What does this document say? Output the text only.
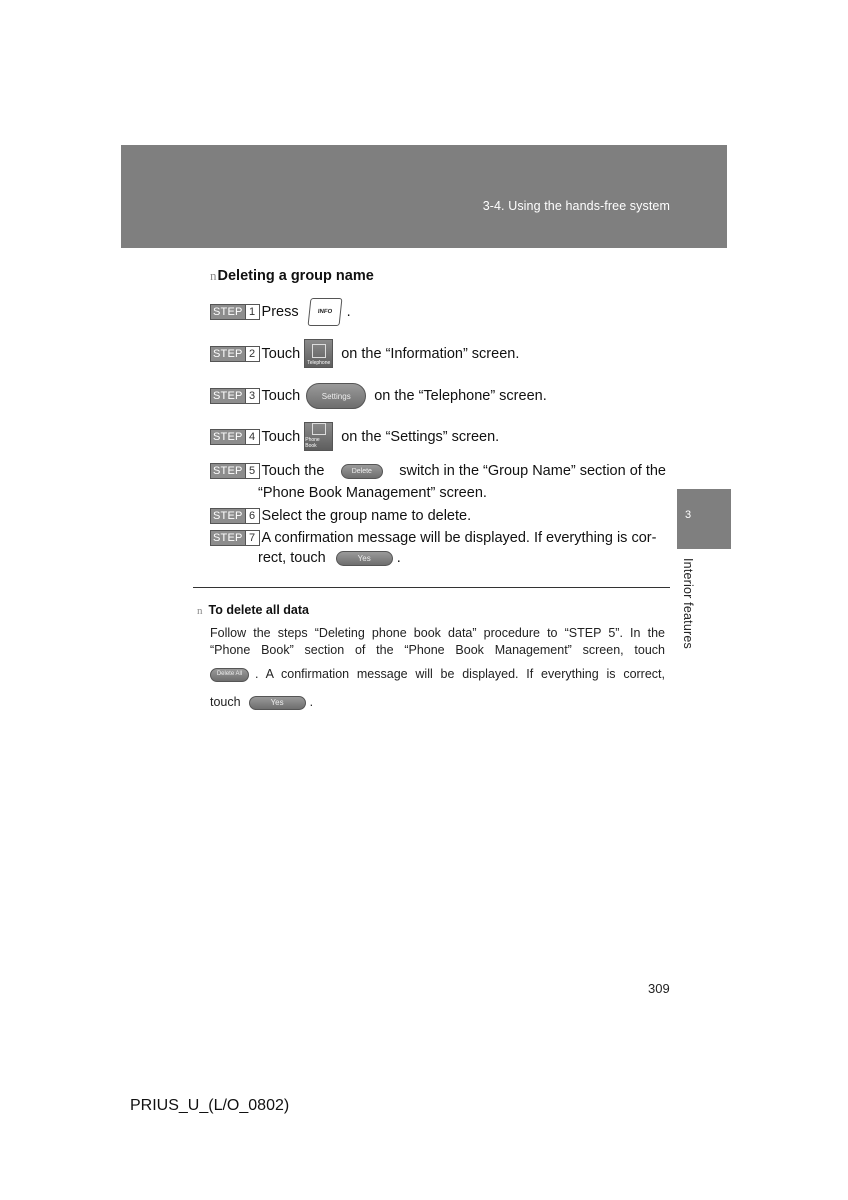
3-4. Using the hands-free system
3
Interior features
nDeleting a group name
STEP 1 Press	INFO .
STEP 2 Touch
Telephone
on the “Information” screen.
STEP 3 Touch	Settings on the “Telephone” screen.
STEP 4 Touch Phone Book
on the “Settings” screen.
STEP 5 Touch the	Delete switch in the “Group Name” section of the
“Phone Book Management” screen.
STEP 6 Select the group name to delete.
STEP 7 A confirmation message will be displayed. If everything is cor-
rect, touch	Yes .
n To delete all data
Follow the steps “Deleting phone book data” procedure to “STEP 5”. In the
“Phone Book” section of the “Phone Book Management” screen, touch
Delete All . A confirmation message will be displayed. If everything is correct,
touch	Yes .
309
PRIUS_U_(L/O_0802)
